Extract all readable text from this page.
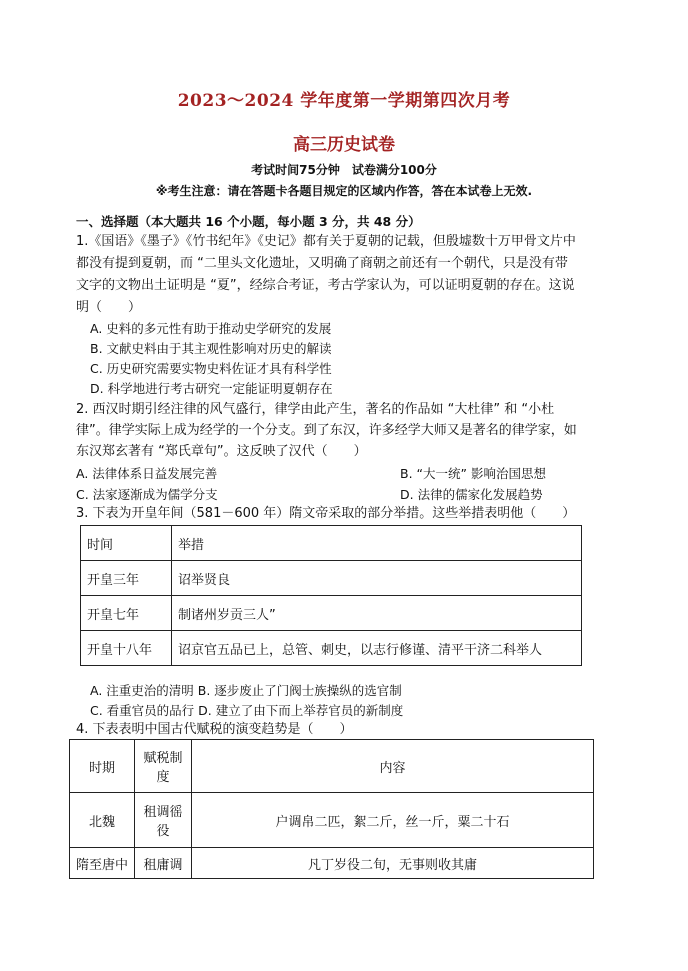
2023～2024 学年度第一学期第四次月考
高三历史试卷
考试时间75分钟　试卷满分100分
※考生注意：请在答题卡各题目规定的区域内作答，答在本试卷上无效.
一、选择题（本大题共 16 个小题，每小题 3 分，共 48 分）
1.《国语》《墨子》《竹书纪年》《史记》都有关于夏朝的记载，但殷墟数十万甲骨文片中
都没有提到夏朝，而 “二里头文化遗址，又明确了商朝之前还有一个朝代，只是没有带
文字的文物出土证明是 “夏”，经综合考证，考古学家认为，可以证明夏朝的存在。这说
明（　　）
A. 史料的多元性有助于推动史学研究的发展
B. 文献史料由于其主观性影响对历史的解读
C. 历史研究需要实物史料佐证才具有科学性
D. 科学地进行考古研究一定能证明夏朝存在
2. 西汉时期引经注律的风气盛行，律学由此产生，著名的作品如 “大杜律” 和 “小杜
律”。律学实际上成为经学的一个分支。到了东汉，许多经学大师又是著名的律学家，如
东汉郑玄著有 “郑氏章句”。这反映了汉代（　　）
A. 法律体系日益发展完善	B. “大一统” 影响治国思想
C. 法家逐渐成为儒学分支	D. 法律的儒家化发展趋势
3. 下表为开皇年间（581－600 年）隋文帝采取的部分举措。这些举措表明他（　　）
时间	举措
开皇三年	诏举贤良
开皇七年	制诸州岁贡三人”
开皇十八年	诏京官五品已上，总管、刺史，以志行修谨、清平干济二科举人
A. 注重吏治的清明 B. 逐步废止了门阀士族操纵的选官制
C. 看重官员的品行 D. 建立了由下而上举荐官员的新制度
4. 下表表明中国古代赋税的演变趋势是（　　）
时期	赋税制度	内容
北魏	租调徭役	户调帛二匹，絮二斤，丝一斤，粟二十石
隋至唐中	租庸调	凡丁岁役二旬，无事则收其庸
